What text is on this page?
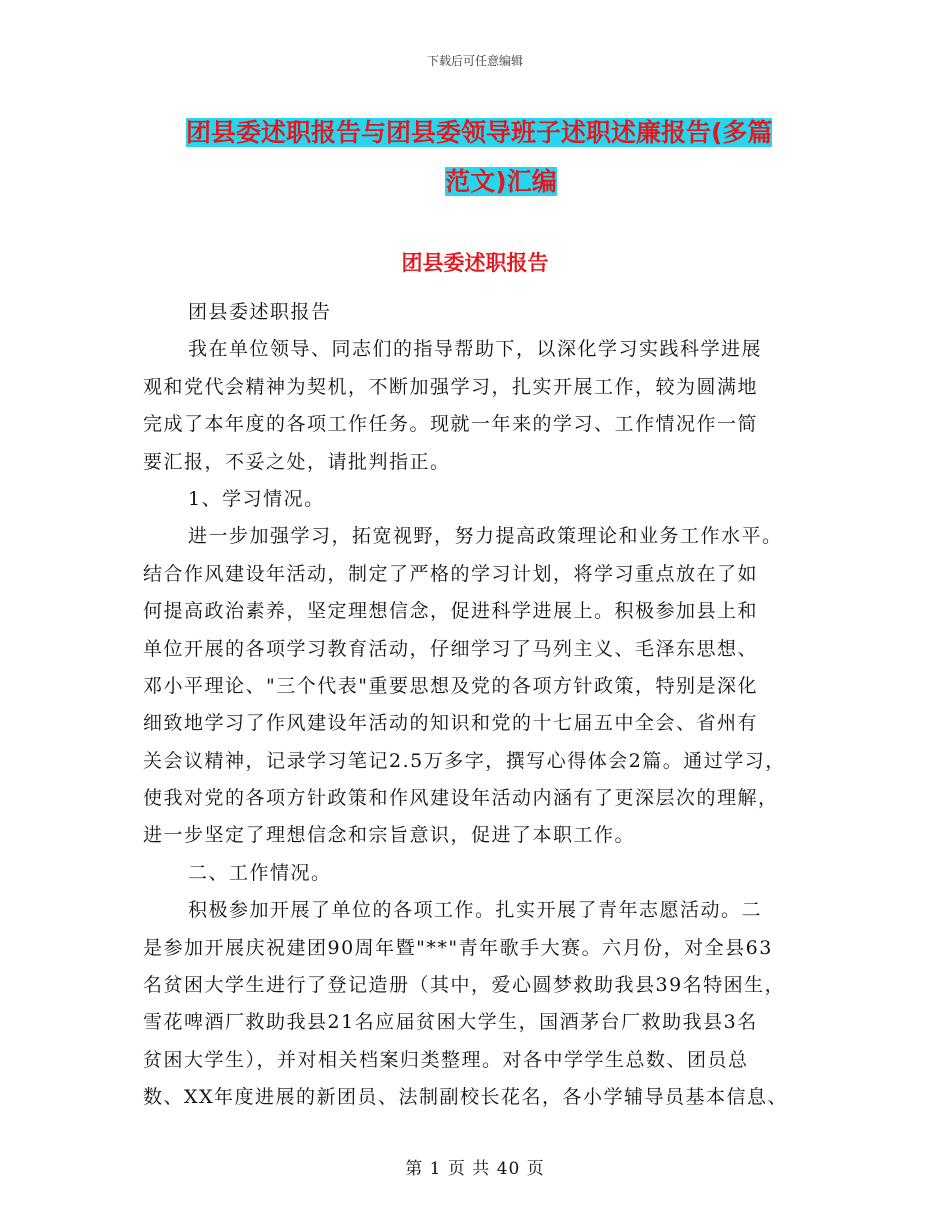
下载后可任意编辑
团县委述职报告与团县委领导班子述职述廉报告(多篇
范文)汇编
团县委述职报告
团县委述职报告
我在单位领导、同志们的指导帮助下，以深化学习实践科学进展
观和党代会精神为契机，不断加强学习，扎实开展工作，较为圆满地
完成了本年度的各项工作任务。现就一年来的学习、工作情况作一简
要汇报，不妥之处，请批判指正。
1、学习情况。
进一步加强学习，拓宽视野，努力提高政策理论和业务工作水平。
结合作风建设年活动，制定了严格的学习计划，将学习重点放在了如
何提高政治素养，坚定理想信念，促进科学进展上。积极参加县上和
单位开展的各项学习教育活动，仔细学习了马列主义、毛泽东思想、
邓小平理论、"三个代表"重要思想及党的各项方针政策，特别是深化
细致地学习了作风建设年活动的知识和党的十七届五中全会、省州有
关会议精神，记录学习笔记2.5万多字，撰写心得体会2篇。通过学习，
使我对党的各项方针政策和作风建设年活动内涵有了更深层次的理解，
进一步坚定了理想信念和宗旨意识，促进了本职工作。
二、工作情况。
积极参加开展了单位的各项工作。扎实开展了青年志愿活动。二
是参加开展庆祝建团90周年暨"**"青年歌手大赛。六月份，对全县63
名贫困大学生进行了登记造册（其中，爱心圆梦救助我县39名特困生，
雪花啤酒厂救助我县21名应届贫困大学生，国酒茅台厂救助我县3名
贫困大学生），并对相关档案归类整理。对各中学学生总数、团员总
数、XX年度进展的新团员、法制副校长花名，各小学辅导员基本信息、
第 1 页 共 40 页
